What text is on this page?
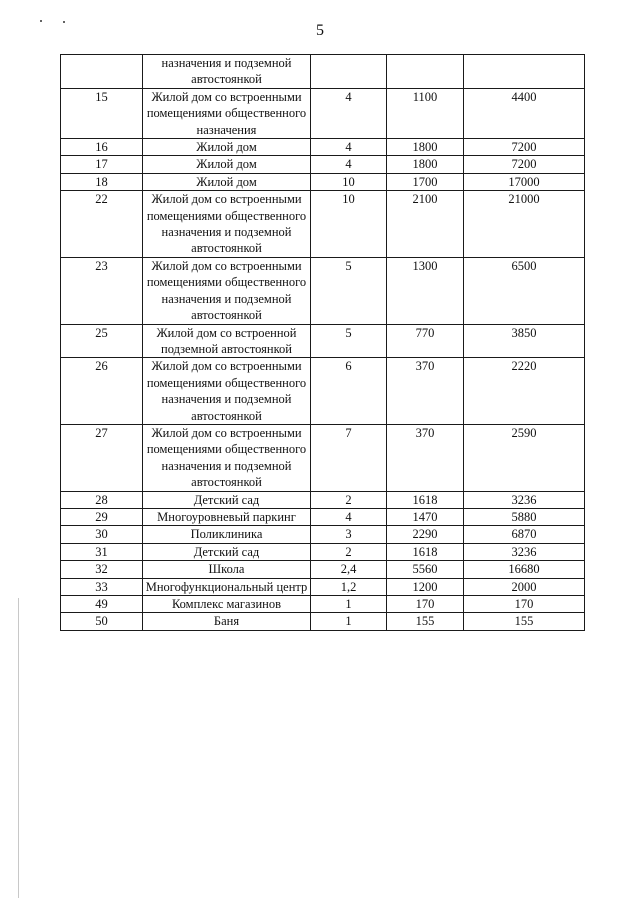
5
	назначения и подземной автостоянкой			
15	Жилой дом со встроенными помещениями общественного назначения	4	1100	4400
16	Жилой дом	4	1800	7200
17	Жилой дом	4	1800	7200
18	Жилой дом	10	1700	17000
22	Жилой дом со встроенными помещениями общественного назначения и подземной автостоянкой	10	2100	21000
23	Жилой дом со встроенными помещениями общественного назначения и подземной автостоянкой	5	1300	6500
25	Жилой дом со встроенной подземной автостоянкой	5	770	3850
26	Жилой дом со встроенными помещениями общественного назначения и подземной автостоянкой	6	370	2220
27	Жилой дом со встроенными помещениями общественного назначения и подземной автостоянкой	7	370	2590
28	Детский сад	2	1618	3236
29	Многоуровневый паркинг	4	1470	5880
30	Поликлиника	3	2290	6870
31	Детский сад	2	1618	3236
32	Школа	2,4	5560	16680
33	Многофункциональный центр	1,2	1200	2000
49	Комплекс магазинов	1	170	170
50	Баня	1	155	155
